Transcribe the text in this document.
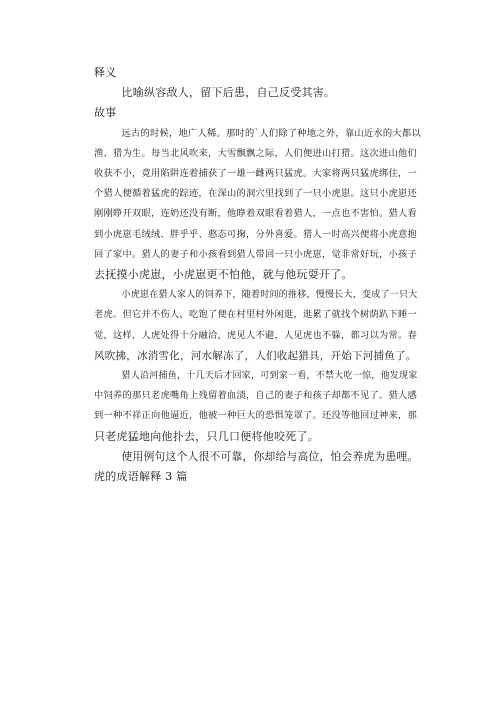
释义

比喻纵容敌人，留下后患，自己反受其害。

故事

远古的时候，地广人稀。那时的`人们除了种地之外，靠山近水的大都以

渔、猎为生。每当北风吹来，大雪飘飘之际，人们便进山打猎。这次进山他们

收获不小，竟用陷阱连着捕获了一雄一雌两只猛虎。大家将两只猛虎绑住，一

个猎人便循着猛虎的踪迹，在深山的洞穴里找到了一只小虎崽。这只小虎崽还

刚刚睁开双眼，连奶还没有断，他睁着双眼看着猎人，一点也不害怕。猎人看

到小虎崽毛绒绒、胖乎乎、憨态可掬，分外喜爱。猎人一时高兴便将小虎意抱

回了家中。猎人的妻子和小孩看到猎人带回一只小虎崽，觉非常好玩，小孩子

去抚摸小虎崽，小虎崽更不怕他，就与他玩耍开了。

小虎崽在猎人家人的饲养下，随着时间的推移，慢慢长大，变成了一只大

老虎。但它并不伤人，吃饱了便在村里村外闲逛，逛累了就找个树荫趴下睡一

觉，这样，人虎处得十分融洽，虎见人不避，人见虎也不躲，都习以为常。春

风吹拂，冰消雪化，河水解冻了，人们收起猎具，开始下河捕鱼了。

猎人沿河捕鱼，十几天后才回家，可到家一看，不禁大吃一惊，他发现家

中饲养的那只老虎嘴角上残留着血渍，自己的妻子和孩子却都不见了。猎人感

到一种不祥正向他逼近，他被一种巨大的恐惧笼罩了。还没等他回过神来，那

只老虎猛地向他扑去，只几口便将他咬死了。

使用例句这个人很不可靠，你却给与高位，怕会养虎为患哩。

虎的成语解释 3 篇
